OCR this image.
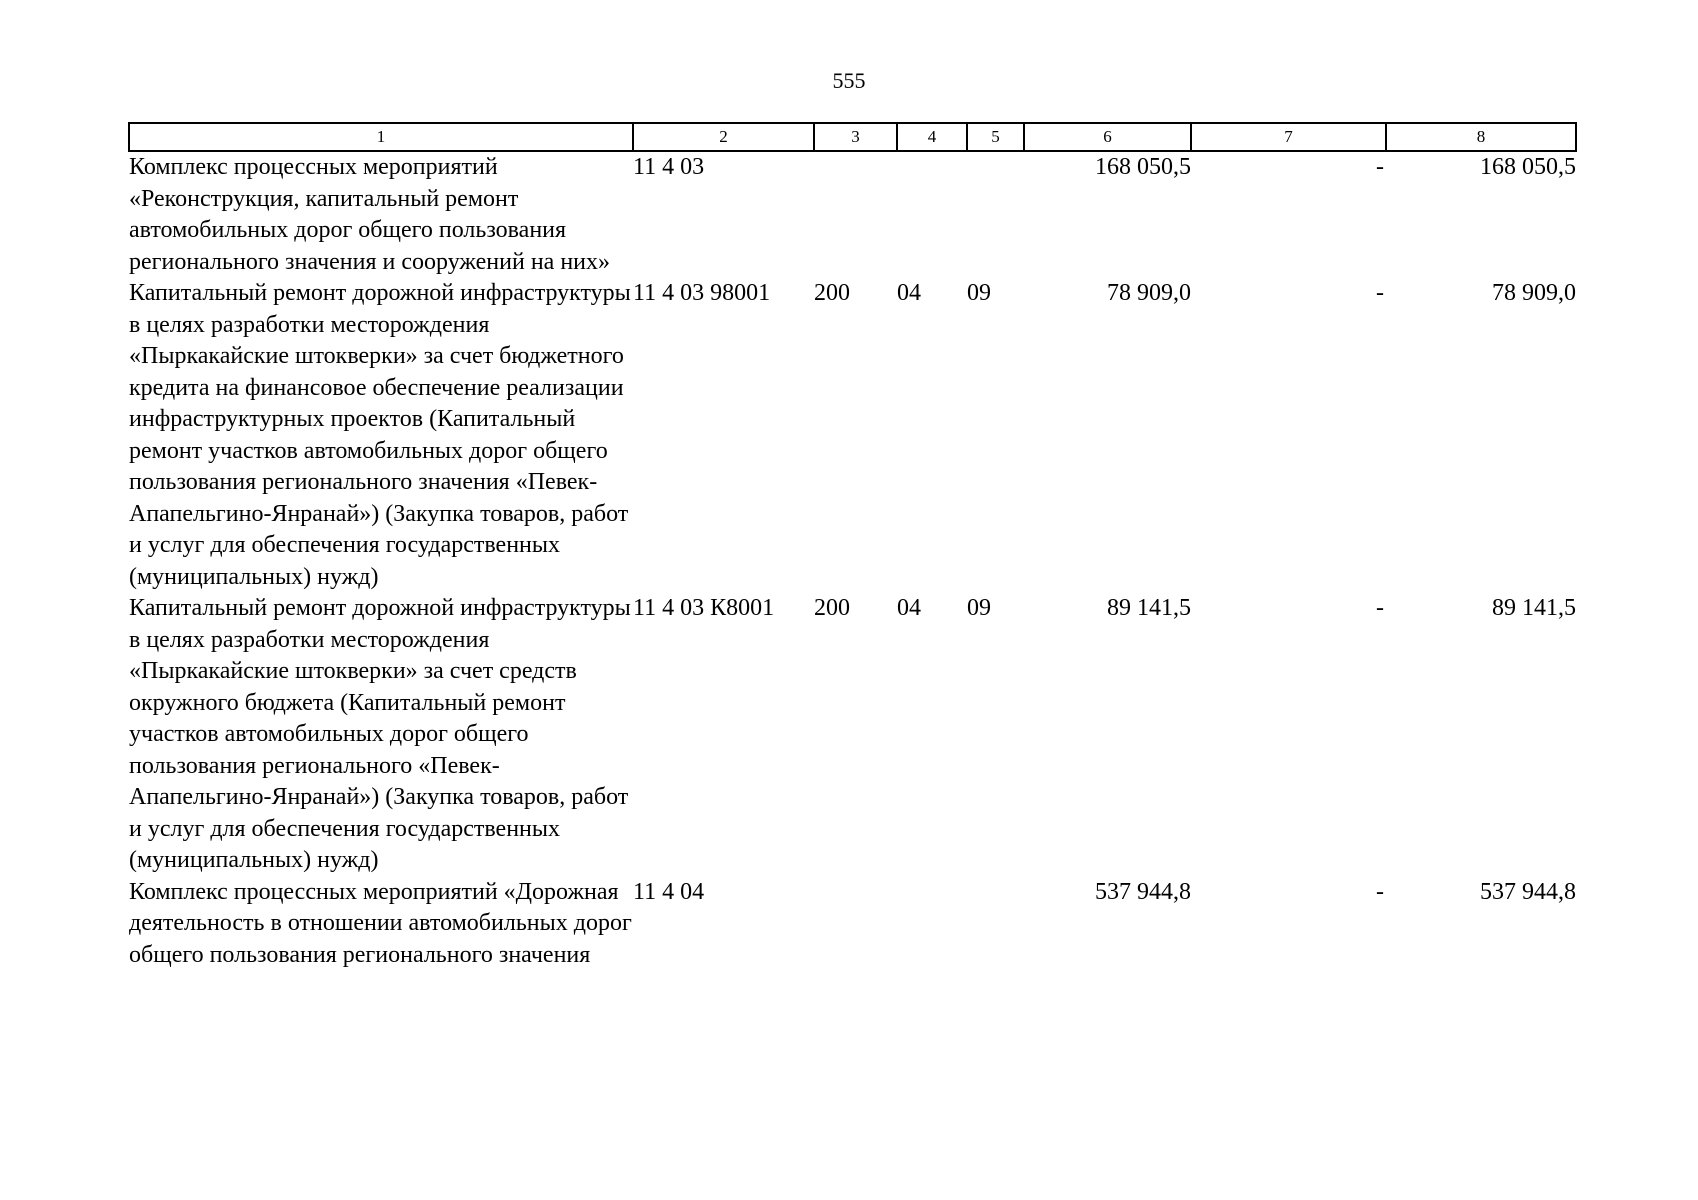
555
1	2	3	4	5	6	7	8
Комплекс процессных мероприятий «Реконструкция, капитальный ремонт автомобильных дорог общего пользования регионального значения и сооружений на них»	11 4 03				168 050,5	-	168 050,5
Капитальный ремонт дорожной инфраструктуры в целях разработки месторождения «Пыркакайские штокверки» за счет бюджетного кредита на финансовое обеспечение реализации инфраструктурных проектов (Капитальный ремонт участков автомобильных дорог общего пользования регионального значения «Певек-Апапельгино-Янранай») (Закупка товаров, работ и услуг для обеспечения государственных (муниципальных) нужд)	11 4 03 98001	200	04	09	78 909,0	-	78 909,0
Капитальный ремонт дорожной инфраструктуры в целях разработки месторождения «Пыркакайские штокверки» за счет средств окружного бюджета (Капитальный ремонт участков автомобильных дорог общего пользования регионального «Певек-Апапельгино-Янранай») (Закупка товаров, работ и услуг для обеспечения государственных (муниципальных) нужд)	11 4 03 К8001	200	04	09	89 141,5	-	89 141,5
Комплекс процессных мероприятий «Дорожная деятельность в отношении автомобильных дорог общего пользования регионального значения	11 4 04				537 944,8	-	537 944,8
